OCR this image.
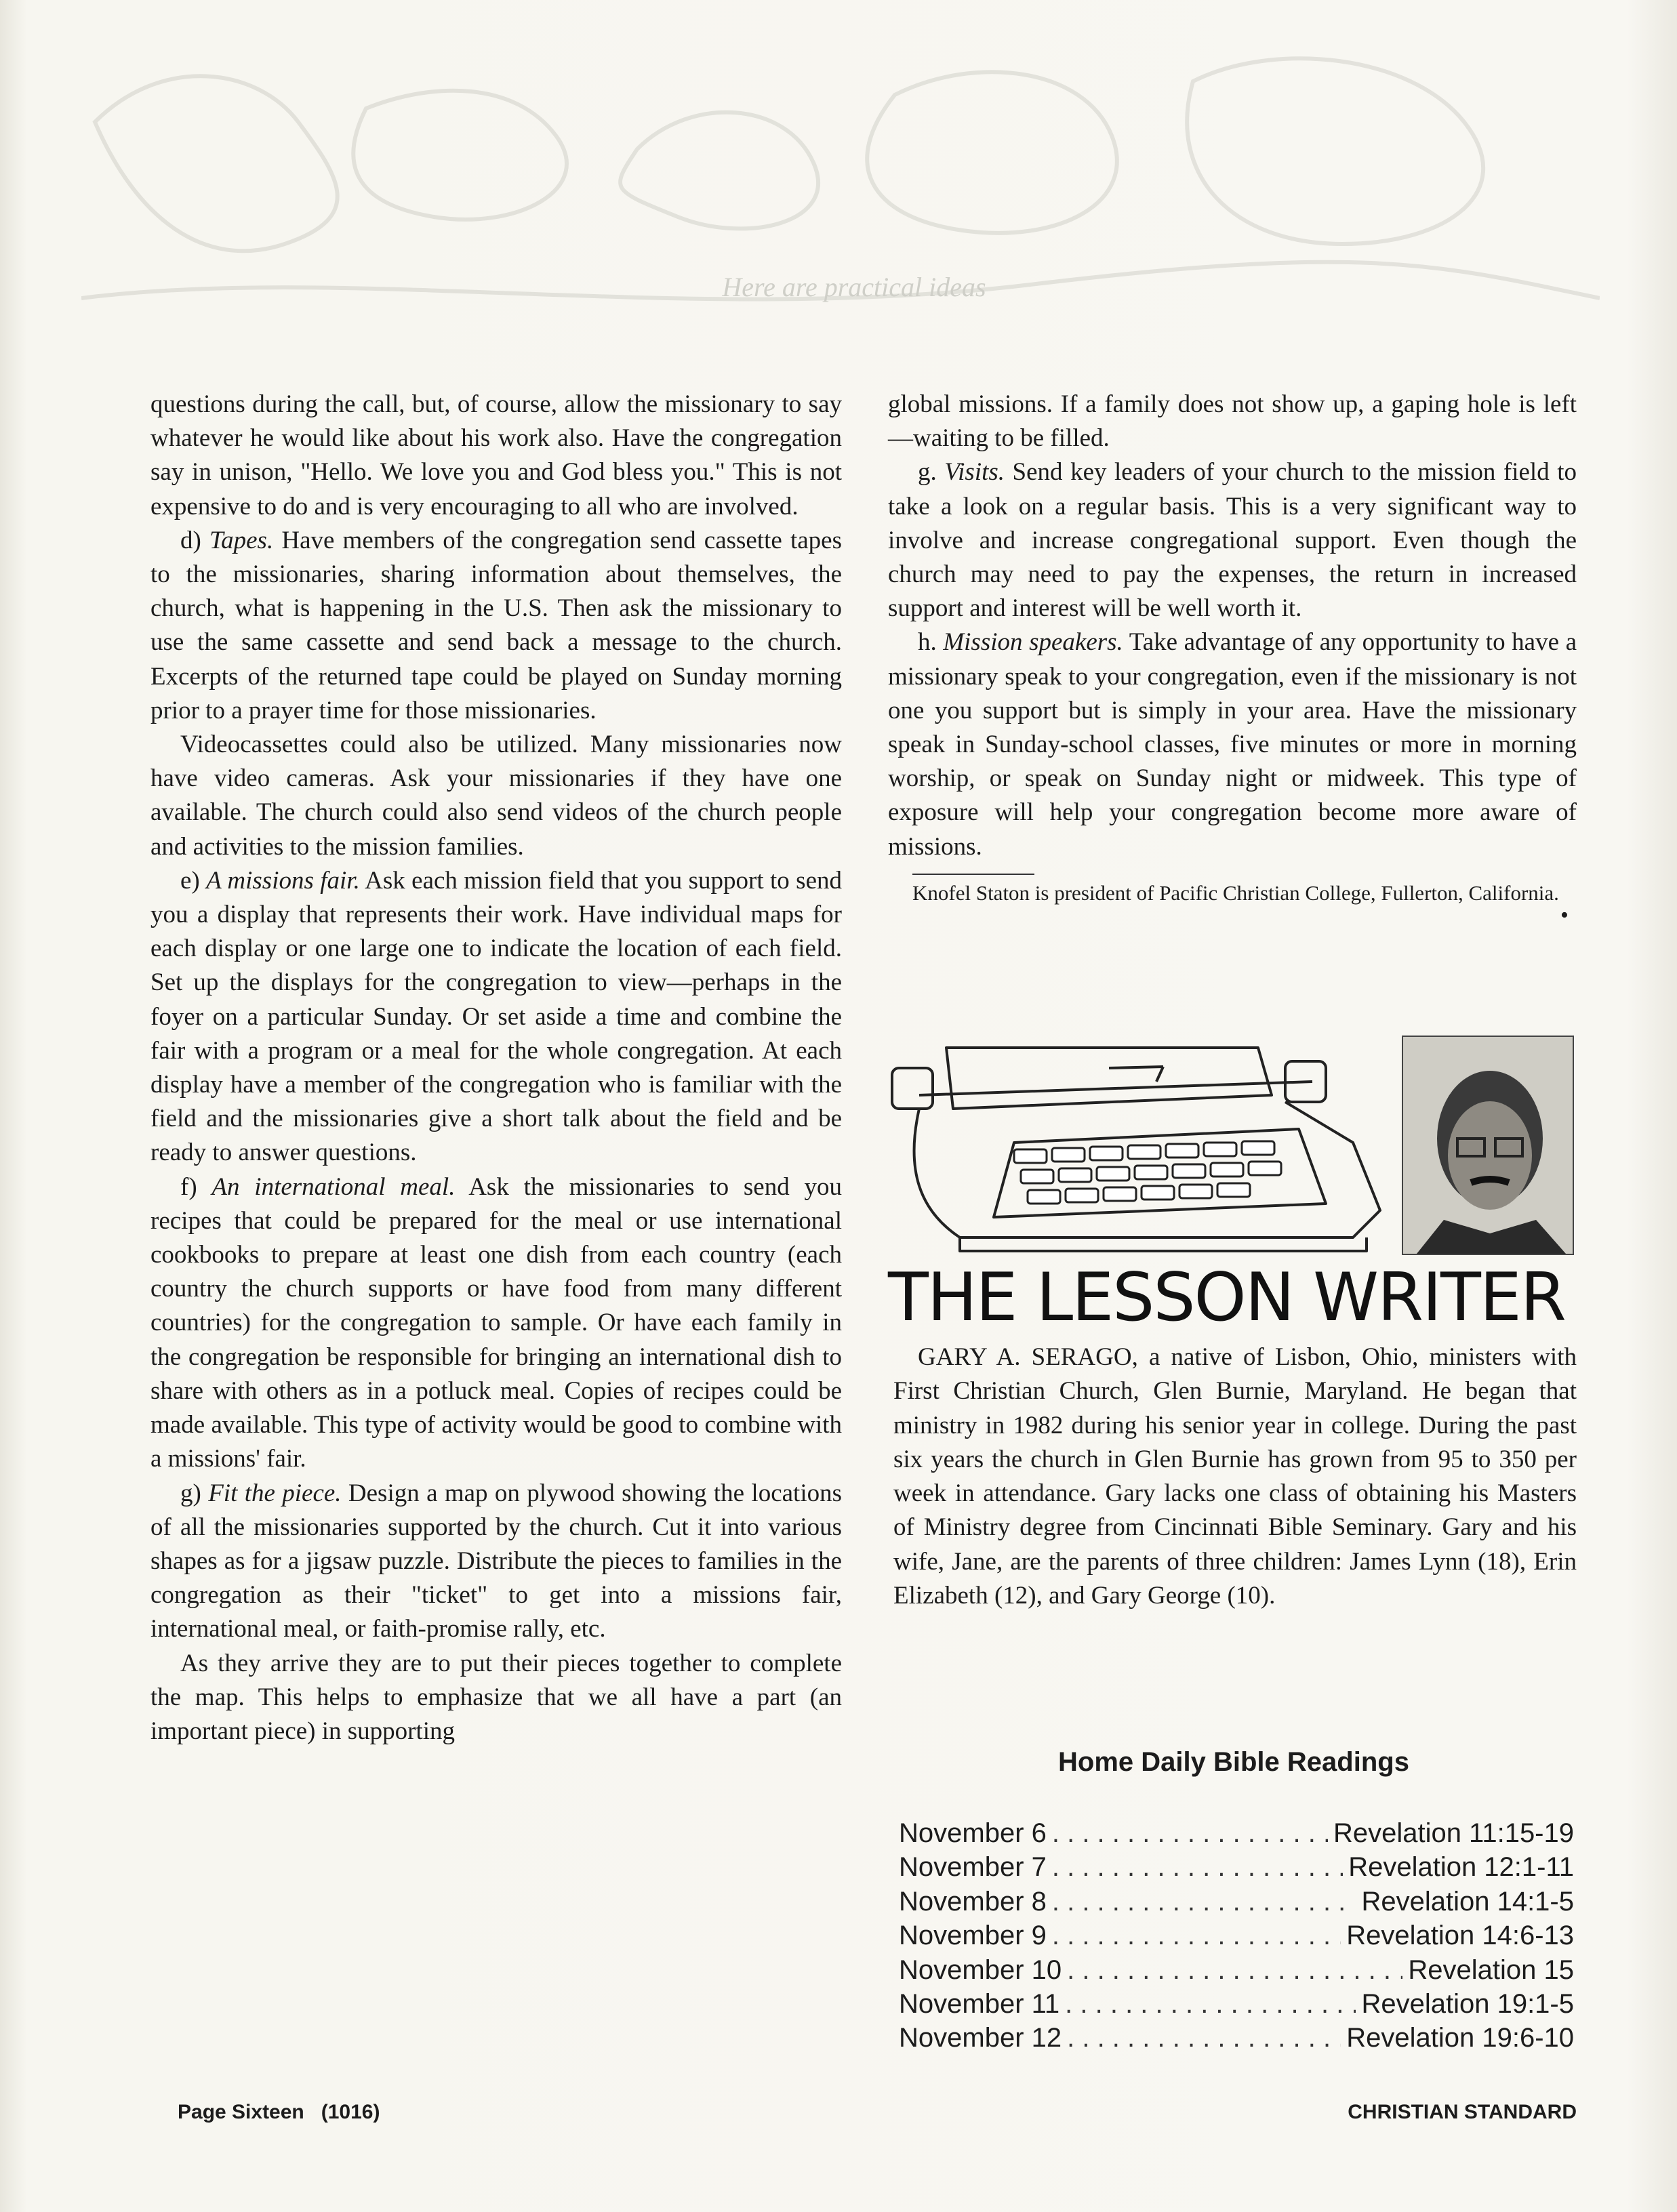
Here are practical ideas

questions during the call, but, of course, allow the missionary to say whatever he would like about his work also. Have the congregation say in unison, "Hello. We love you and God bless you." This is not expensive to do and is very encouraging to all who are involved.

d) Tapes. Have members of the congregation send cassette tapes to the missionaries, sharing information about themselves, the church, what is happening in the U.S. Then ask the missionary to use the same cassette and send back a message to the church. Excerpts of the returned tape could be played on Sunday morning prior to a prayer time for those missionaries.

Videocassettes could also be utilized. Many missionaries now have video cameras. Ask your missionaries if they have one available. The church could also send videos of the church people and activities to the mission families.

e) A missions fair. Ask each mission field that you support to send you a display that represents their work. Have individual maps for each display or one large one to indicate the location of each field. Set up the displays for the congregation to view—perhaps in the foyer on a particular Sunday. Or set aside a time and combine the fair with a program or a meal for the whole congregation. At each display have a member of the congregation who is familiar with the field and the missionaries give a short talk about the field and be ready to answer questions.

f) An international meal. Ask the missionaries to send you recipes that could be prepared for the meal or use international cookbooks to prepare at least one dish from each country (each country the church supports or have food from many different countries) for the congregation to sample. Or have each family in the congregation be responsible for bringing an international dish to share with others as in a potluck meal. Copies of recipes could be made available. This type of activity would be good to combine with a missions' fair.

g) Fit the piece. Design a map on plywood showing the locations of all the missionaries supported by the church. Cut it into various shapes as for a jigsaw puzzle. Distribute the pieces to families in the congregation as their "ticket" to get into a missions fair, international meal, or faith-promise rally, etc.

As they arrive they are to put their pieces together to complete the map. This helps to emphasize that we all have a part (an important piece) in supporting

global missions. If a family does not show up, a gaping hole is left—waiting to be filled.

g. Visits. Send key leaders of your church to the mission field to take a look on a regular basis. This is a very significant way to involve and increase congregational support. Even though the church may need to pay the expenses, the return in increased support and interest will be well worth it.

h. Mission speakers. Take advantage of any opportunity to have a missionary speak to your congregation, even if the missionary is not one you support but is simply in your area. Have the missionary speak in Sunday-school classes, five minutes or more in morning worship, or speak on Sunday night or midweek. This type of exposure will help your congregation become more aware of missions.

Knofel Staton is president of Pacific Christian College, Fullerton, California.

•
THE LESSON WRITER

GARY A. SERAGO, a native of Lisbon, Ohio, ministers with First Christian Church, Glen Burnie, Maryland. He began that ministry in 1982 during his senior year in college. During the past six years the church in Glen Burnie has grown from 95 to 350 per week in attendance. Gary lacks one class of obtaining his Masters of Ministry degree from Cincinnati Bible Seminary. Gary and his wife, Jane, are the parents of three children: James Lynn (18), Erin Elizabeth (12), and Gary George (10).

Home Daily Bible Readings
November 6 . . .	Revelation 11:15-19
November 7 . . .	Revelation 12:1-11
November 8 . . .	Revelation 14:1-5
November 9 . . .	Revelation 14:6-13
November 10 . . .	Revelation 15
November 11 . . .	Revelation 19:1-5
November 12 . . .	Revelation 19:6-10
Page Sixteen   (1016)	CHRISTIAN STANDARD
